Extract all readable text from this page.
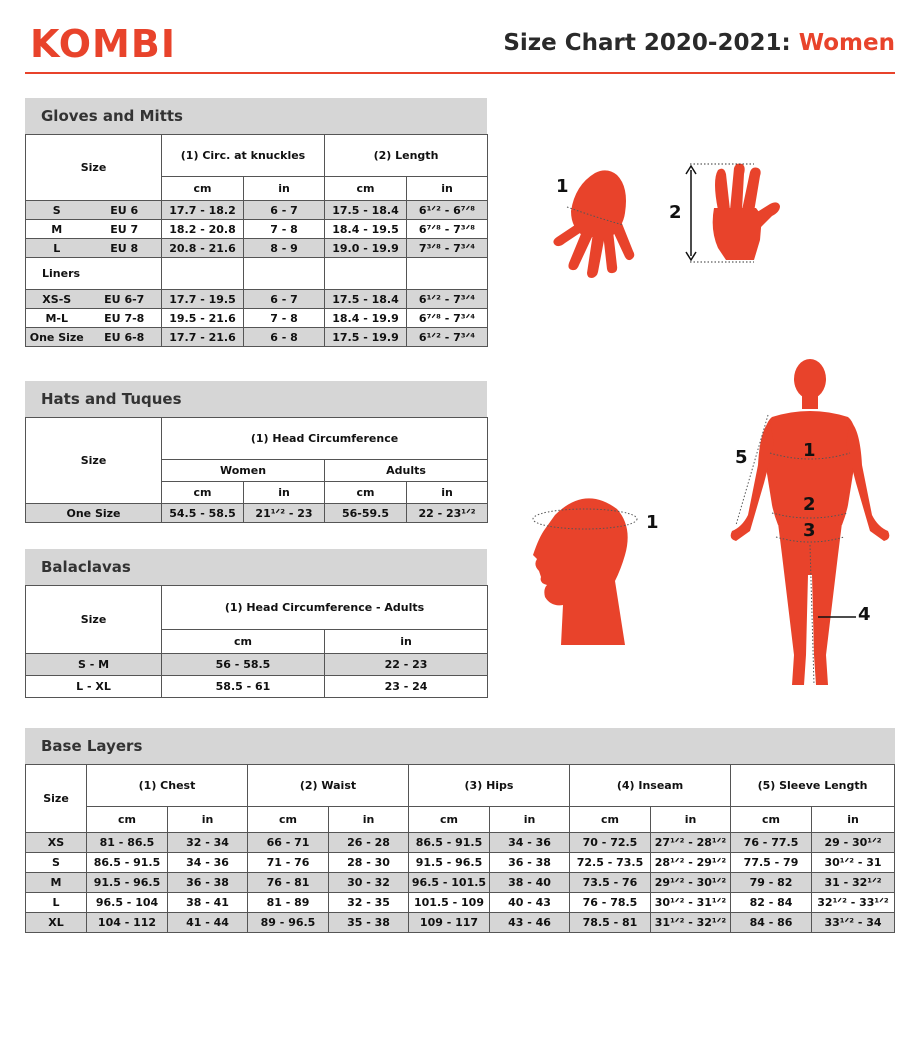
KOMBI	Size Chart 2020-2021: Women
Gloves and Mitts
Size		(1) Circ. at knuckles		(2) Length	
		cm	in	cm	in
S	EU 6	17.7 - 18.2	6 - 7	17.5 - 18.4	6¹ᐟ² - 6⁷ᐟ⁸
M	EU 7	18.2 - 20.8	7 - 8	18.4 - 19.5	6⁷ᐟ⁸ - 7³ᐟ⁸
L	EU 8	20.8 - 21.6	8 - 9	19.0 - 19.9	7³ᐟ⁸ - 7³ᐟ⁴
Liners					
XS-S	EU 6-7	17.7 - 19.5	6 - 7	17.5 - 18.4	6¹ᐟ² - 7³ᐟ⁴
M-L	EU 7-8	19.5 - 21.6	7 - 8	18.4 - 19.9	6⁷ᐟ⁸ - 7³ᐟ⁴
One Size	EU 6-8	17.7 - 21.6	6 - 8	17.5 - 19.9	6¹ᐟ² - 7³ᐟ⁴
Hats and Tuques
Size	(1) Head Circumference			
	Women		Adults	
	cm	in	cm	in
One Size	54.5 - 58.5	21¹ᐟ² - 23	56-59.5	22 - 23¹ᐟ²
Balaclavas
Size	(1) Head Circumference - Adults	
	cm	in
S - M	56 - 58.5	22 - 23
L - XL	58.5 - 61	23 - 24
Base Layers
Size	(1) Chest		(2) Waist		(3) Hips		(4) Inseam		(5) Sleeve Length	
	cm	in	cm	in	cm	in	cm	in	cm	in
XS	81 - 86.5	32 - 34	66 - 71	26 - 28	86.5 - 91.5	34 - 36	70 - 72.5	27¹ᐟ² - 28¹ᐟ²	76 - 77.5	29 - 30¹ᐟ²
S	86.5 - 91.5	34 - 36	71 - 76	28 - 30	91.5 - 96.5	36 - 38	72.5 - 73.5	28¹ᐟ² - 29¹ᐟ²	77.5 - 79	30¹ᐟ² - 31
M	91.5 - 96.5	36 - 38	76 - 81	30 - 32	96.5 - 101.5	38 - 40	73.5 - 76	29¹ᐟ² - 30¹ᐟ²	79 - 82	31 - 32¹ᐟ²
L	96.5 - 104	38 - 41	81 - 89	32 - 35	101.5 - 109	40 - 43	76 - 78.5	30¹ᐟ² - 31¹ᐟ²	82 - 84	32¹ᐟ² - 33¹ᐟ²
XL	104 - 112	41 - 44	89 - 96.5	35 - 38	109 - 117	43 - 46	78.5 - 81	31¹ᐟ² - 32¹ᐟ²	84 - 86	33¹ᐟ² - 34
1
2
1
1
2
3
4
5
